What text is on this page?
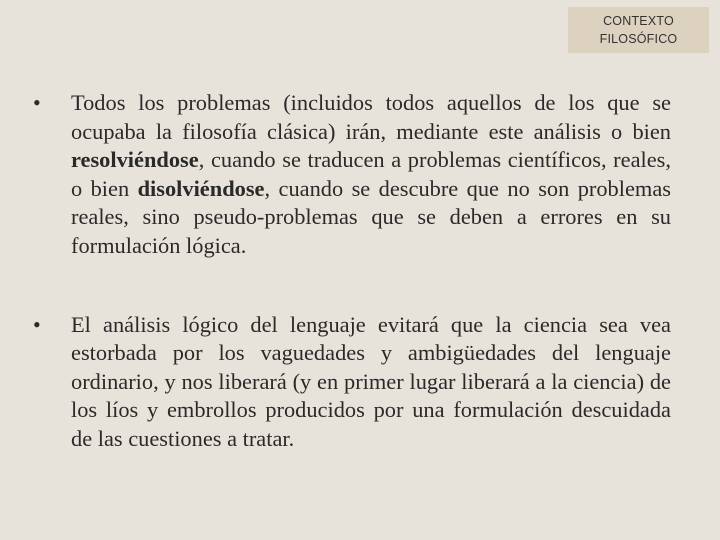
CONTEXTO
FILOSÓFICO
•	Todos los problemas (incluidos todos aquellos de los que se ocupaba la filosofía clásica) irán, mediante este análisis o bien resolviéndose, cuando se traducen a problemas científicos, reales, o bien disolviéndose, cuando se descubre que no son problemas reales, sino pseudo-problemas que se deben a errores en su formulación lógica.
•	El análisis lógico del lenguaje evitará que la ciencia sea vea estorbada por los vaguedades y ambigüedades del lenguaje ordinario, y nos liberará (y en primer lugar liberará a la ciencia) de los líos y embrollos producidos por una formulación descuidada de las cuestiones a tratar.
